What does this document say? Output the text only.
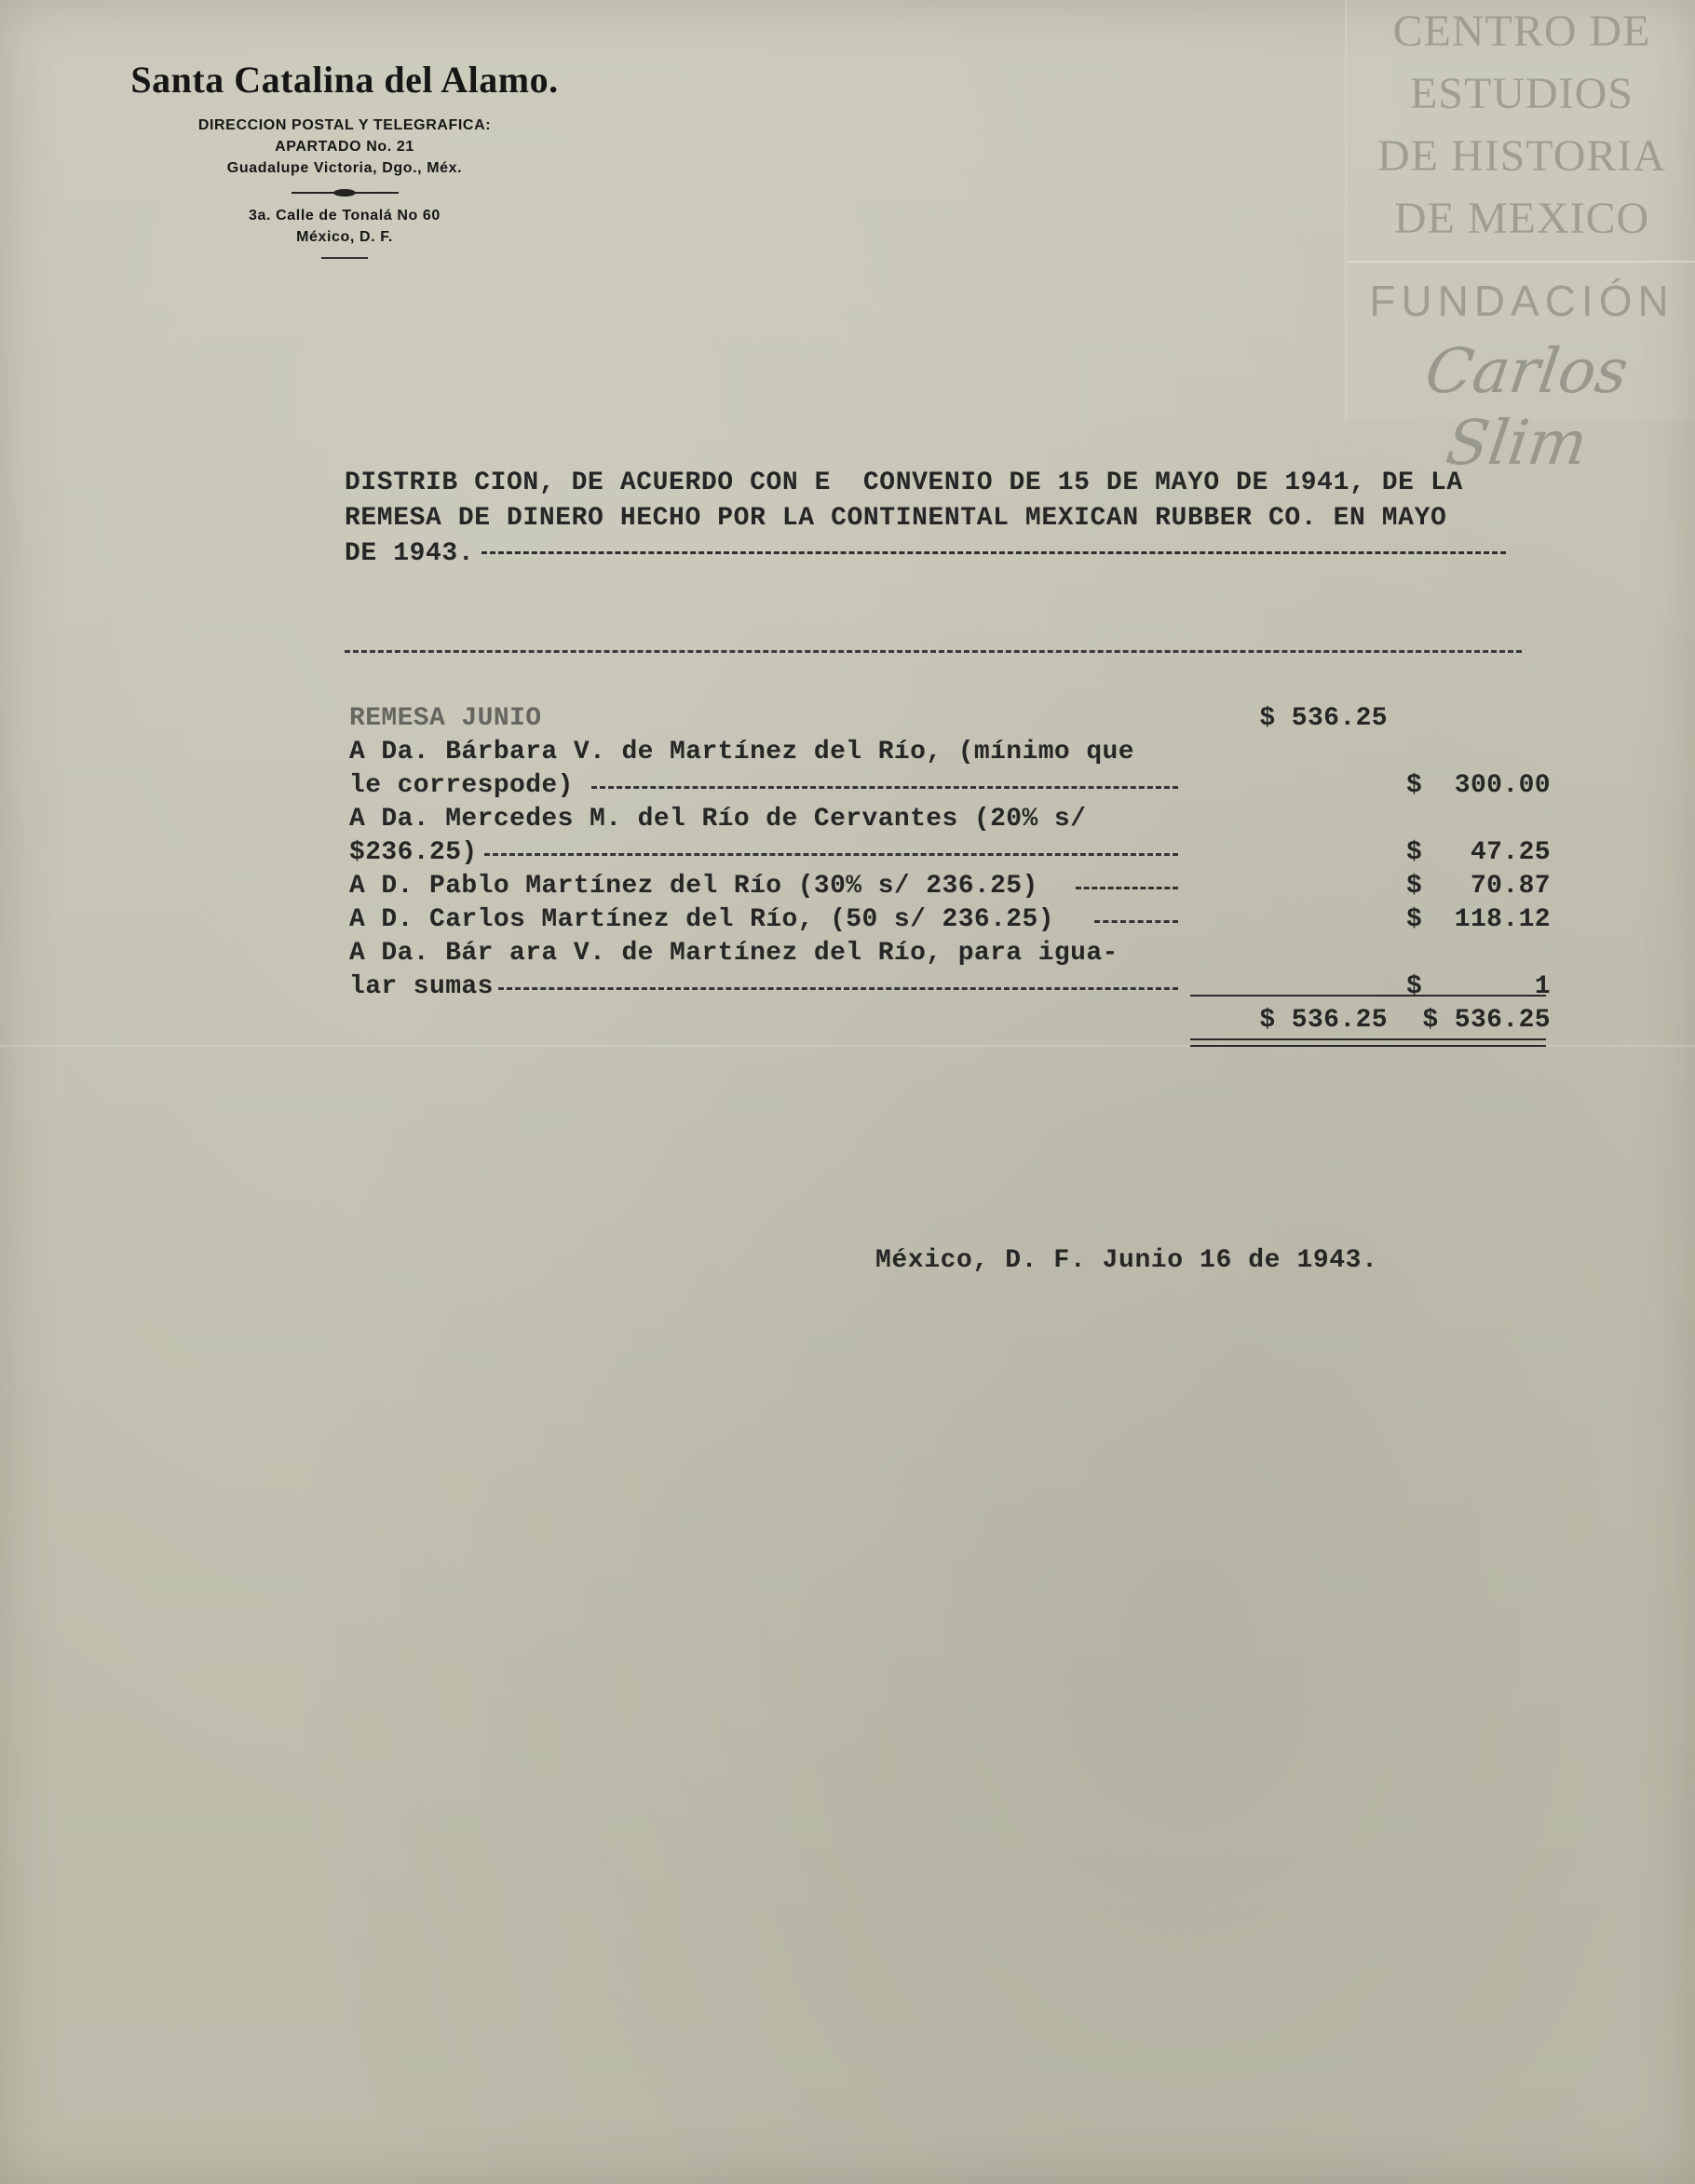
Santa Catalina del Alamo.
DIRECCION POSTAL Y TELEGRAFICA:
APARTADO No. 21
Guadalupe Victoria, Dgo., Méx.
3a. Calle de Tonalá No 60
México, D. F.
CENTRO DE
ESTUDIOS
DE HISTORIA
DE MEXICO
FUNDACIÓN
Carlos Slim
DISTRIB CION, DE ACUERDO CON E  CONVENIO DE 15 DE MAYO DE 1941, DE LA
REMESA DE DINERO HECHO POR LA CONTINENTAL MEXICAN RUBBER CO. EN MAYO
DE 1943.
REMESA JUNIO	$ 536.25
A Da. Bárbara V. de Martínez del Río, (mínimo que
le correspode)	$	300.00
A Da. Mercedes M. del Río de Cervantes (20% s/
$236.25)	$	47.25
A D. Pablo Martínez del Río (30% s/ 236.25)	$	70.87
A D. Carlos Martínez del Río, (50 s/ 236.25)	$	118.12
A Da. Bár ara V. de Martínez del Río, para igua-
lar sumas	$	1
$ 536.25	$ 536.25
México, D. F. Junio 16 de 1943.
